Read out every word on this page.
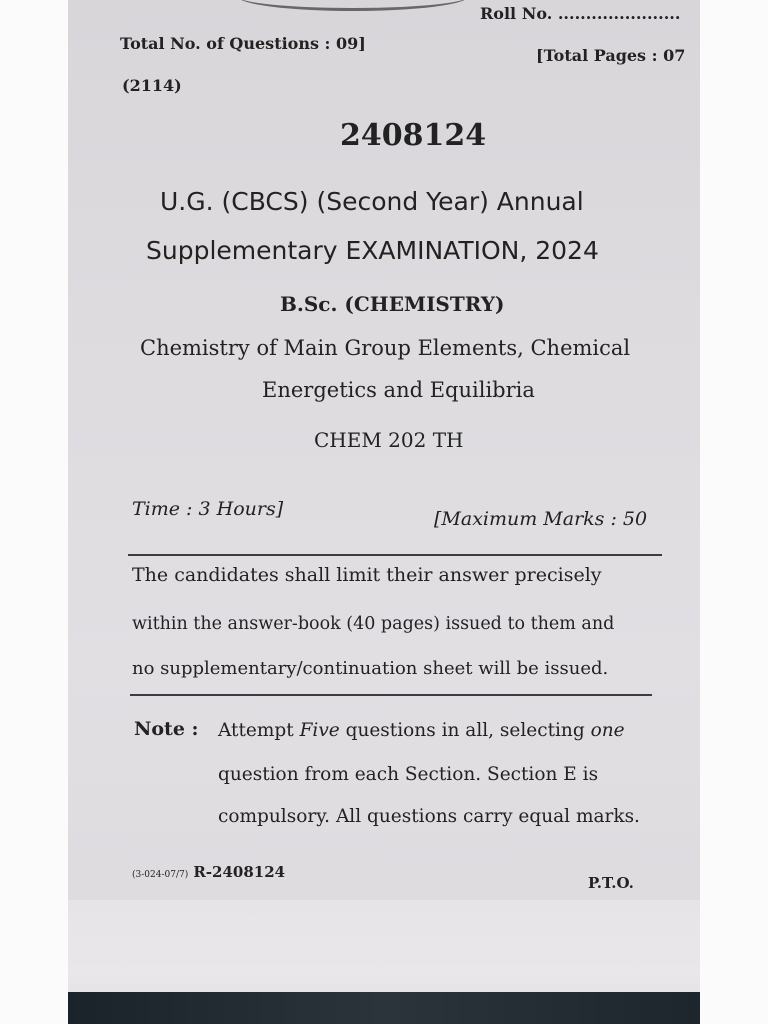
Roll No. ......................
Total No. of Questions : 09]
[Total Pages : 07
(2114)
2408124
U.G. (CBCS) (Second Year) Annual
Supplementary EXAMINATION, 2024
B.Sc. (CHEMISTRY)
Chemistry of Main Group Elements, Chemical
Energetics and Equilibria
CHEM 202 TH
Time : 3 Hours]	[Maximum Marks : 50
The candidates shall limit their answer precisely
within the answer-book (40 pages) issued to them and
no supplementary/continuation sheet will be issued.
Note : Attempt Five questions in all, selecting one
question from each Section. Section E is
compulsory. All questions carry equal marks.
(3-024-07/7) R-2408124
P.T.O.
